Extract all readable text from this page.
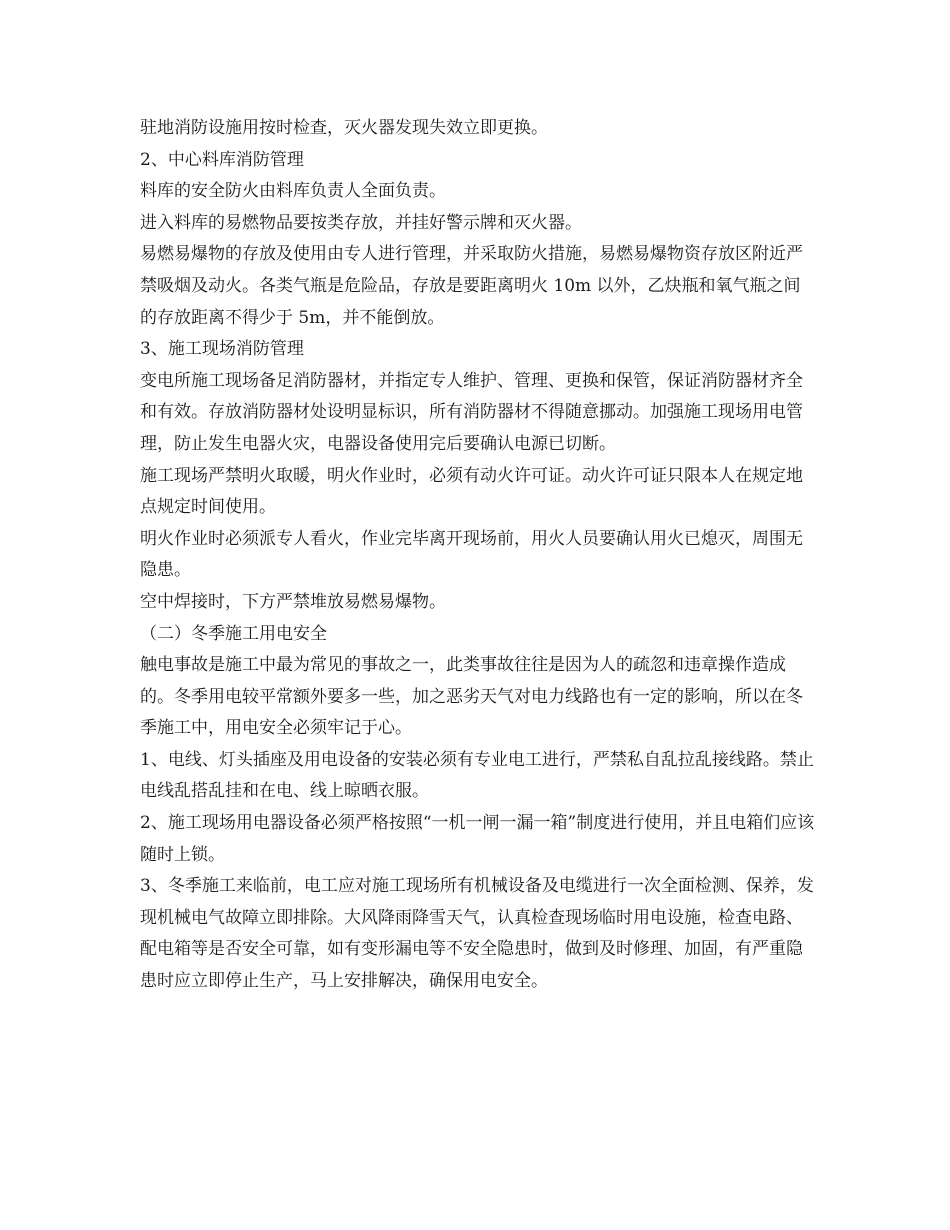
驻地消防设施用按时检查，灭火器发现失效立即更换。

2、中心料库消防管理

料库的安全防火由料库负责人全面负责。

进入料库的易燃物品要按类存放，并挂好警示牌和灭火器。

易燃易爆物的存放及使用由专人进行管理，并采取防火措施，易燃易爆物资存放区附近严禁吸烟及动火。各类气瓶是危险品，存放是要距离明火 10m 以外，乙炔瓶和氧气瓶之间的存放距离不得少于 5m，并不能倒放。

3、施工现场消防管理

变电所施工现场备足消防器材，并指定专人维护、管理、更换和保管，保证消防器材齐全和有效。存放消防器材处设明显标识，所有消防器材不得随意挪动。加强施工现场用电管理，防止发生电器火灾，电器设备使用完后要确认电源已切断。

施工现场严禁明火取暖，明火作业时，必须有动火许可证。动火许可证只限本人在规定地点规定时间使用。

明火作业时必须派专人看火，作业完毕离开现场前，用火人员要确认用火已熄灭，周围无隐患。

空中焊接时，下方严禁堆放易燃易爆物。

（二）冬季施工用电安全

触电事故是施工中最为常见的事故之一，此类事故往往是因为人的疏忽和违章操作造成的。冬季用电较平常额外要多一些，加之恶劣天气对电力线路也有一定的影响，所以在冬季施工中，用电安全必须牢记于心。

1、电线、灯头插座及用电设备的安装必须有专业电工进行，严禁私自乱拉乱接线路。禁止电线乱搭乱挂和在电、线上晾晒衣服。

2、施工现场用电器设备必须严格按照“一机一闸一漏一箱”制度进行使用，并且电箱们应该随时上锁。

3、冬季施工来临前，电工应对施工现场所有机械设备及电缆进行一次全面检测、保养，发现机械电气故障立即排除。大风降雨降雪天气，认真检查现场临时用电设施，检查电路、配电箱等是否安全可靠，如有变形漏电等不安全隐患时，做到及时修理、加固，有严重隐患时应立即停止生产，马上安排解决，确保用电安全。
